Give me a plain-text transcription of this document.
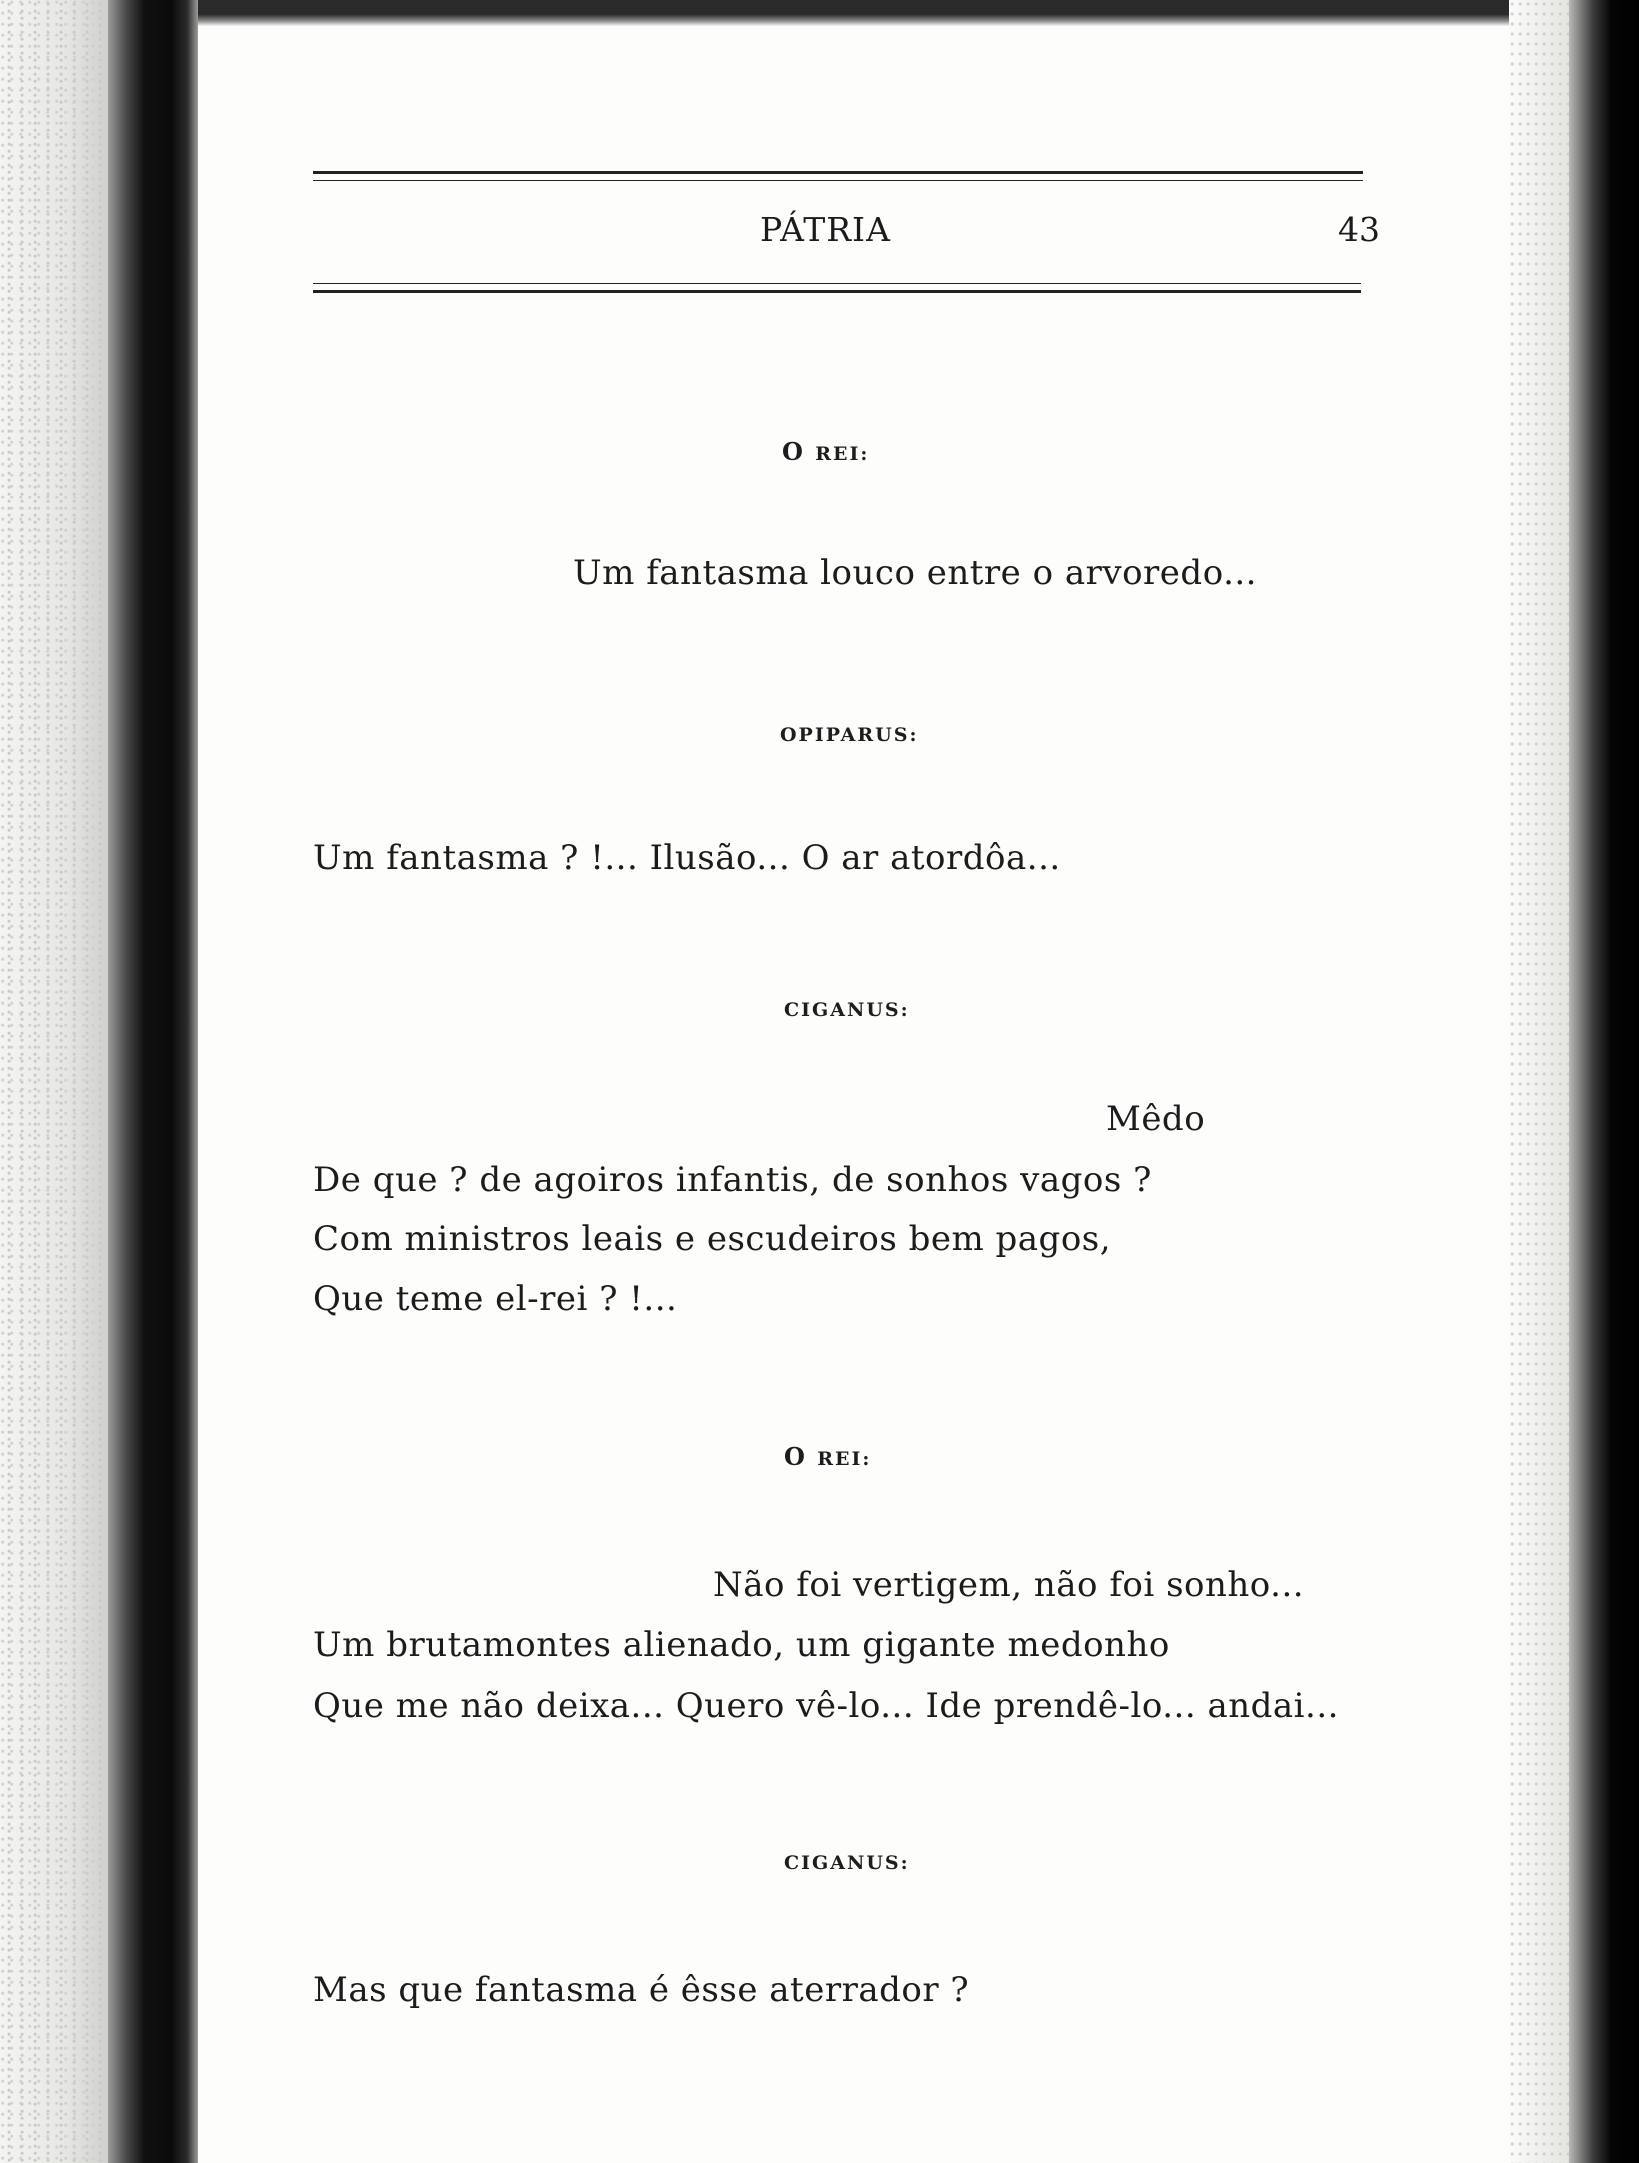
PÁTRIA	43
O REI:
Um fantasma louco entre o arvoredo...
OPIPARUS:
Um fantasma ? !... Ilusão... O ar atordôa...
CIGANUS:
Mêdo
De que ? de agoiros infantis, de sonhos vagos ?
Com ministros leais e escudeiros bem pagos,
Que teme el-rei ? !...
O REI:
Não foi vertigem, não foi sonho...
Um brutamontes alienado, um gigante medonho
Que me não deixa... Quero vê-lo... Ide prendê-lo... andai...
CIGANUS:
Mas que fantasma é êsse aterrador ?
